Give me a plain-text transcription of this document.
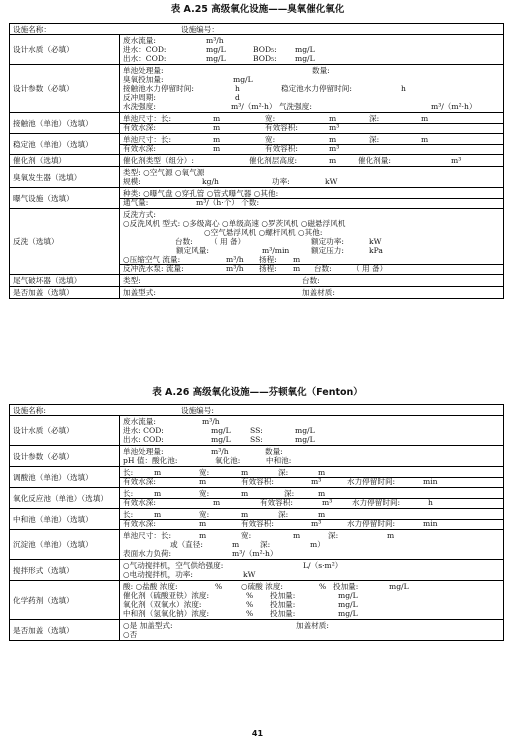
表 A.25 高级氧化设施——臭氧催化氧化
设施名称：	设施编号：
设计水质（必填）
废水流量:	m³/h
进水：COD:	mg/L	BOD₅: mg/L
出水：COD:	mg/L	BOD₅: mg/L
设计参数（必填）
单池处理量:	数量:
臭氧投加量:	mg/L
接触池水力停留时间:	h	稳定池水力停留时间:	h
反冲周期:	d
水洗强度:	m³/（m²·h） 气洗强度:	m³/（m²·h）
接触池（单池）（选填）	单池尺寸：长:	m	宽:	m	深:	m
有效水深:	m	有效容积:	m³
稳定池（单池）（选填）	单池尺寸：长:	m	宽:	m	深:	m
有效水深:	m	有效容积:	m³
催化剂（选填）	催化剂类型（组分）:	催化剂层高度:	m	催化剂量:	m³
臭氧发生器（选填）	类型: ○空气源 ○氧气源
规模:	kg/h	功率:	kW
曝气设施（选填）	种类: ○曝气盘 ○穿孔管 ○管式曝气器 ○其他:
通气量:	m³/（h·个） 个数:
反洗（选填）
反洗方式:
○反洗风机 型式: ○多级离心 ○单级高速 ○罗茨风机 ○磁悬浮风机
○空气悬浮风机 ○螺杆风机 ○其他:
台数: （ 用 备）	额定功率:	kW
额定风量:	m³/min	额定压力:	kPa
○压缩空气 流量:	m³/h 扬程: m
反冲洗水泵: 流量:	m³/h 扬程: m 台数:	（ 用 备）
尾气破坏器（选填）	类型:	台数:
是否加盖（选填）	加盖型式:	加盖材质:
表 A.26 高级氧化设施——芬顿氧化（Fenton）
设施名称:	设施编号:
设计水质（必填）
废水流量:	m³/h
进水: COD:	mg/L	SS:	mg/L
出水: COD:	mg/L	SS:	mg/L
设计参数（必填）	单池处理量:	m³/h	数量:
pH 值：酸化池:	氧化池:	中和池:
调酸池（单池）（选填）	长:	m	宽:	m	深:	m
有效水深:	m	有效容积:	m³	水力停留时间:	min
氧化反应池（单池）（选填）	长:	m	宽:	m	深:	m
有效水深:	m	有效容积:	m³	水力停留时间:	h
中和池（单池）（选填）	长:	m	宽:	m	深:	m
有效水深:	m	有效容积:	m³	水力停留时间:	min
沉淀池（单池）（选填）
单池尺寸：长:	m	宽:	m	深:	m
或（直径:	m	深:	m）
表面水力负荷:	m³/（m²·h）
搅拌形式（选填）	○气动搅拌机，空气供给强度:	L/（s·m²）
○电动搅拌机，功率:	kW
化学药剂（选填）
酸: ○盐酸 浓度:	% ○硫酸 浓度:	% 投加量:	mg/L
催化剂（硫酸亚铁）浓度:	% 投加量:	mg/L
氧化剂（双氧水）浓度:	% 投加量:	mg/L
中和剂（氢氧化钠）浓度:	% 投加量:	mg/L
是否加盖（选填）	○是 加盖型式:	加盖材质:
○否
41
